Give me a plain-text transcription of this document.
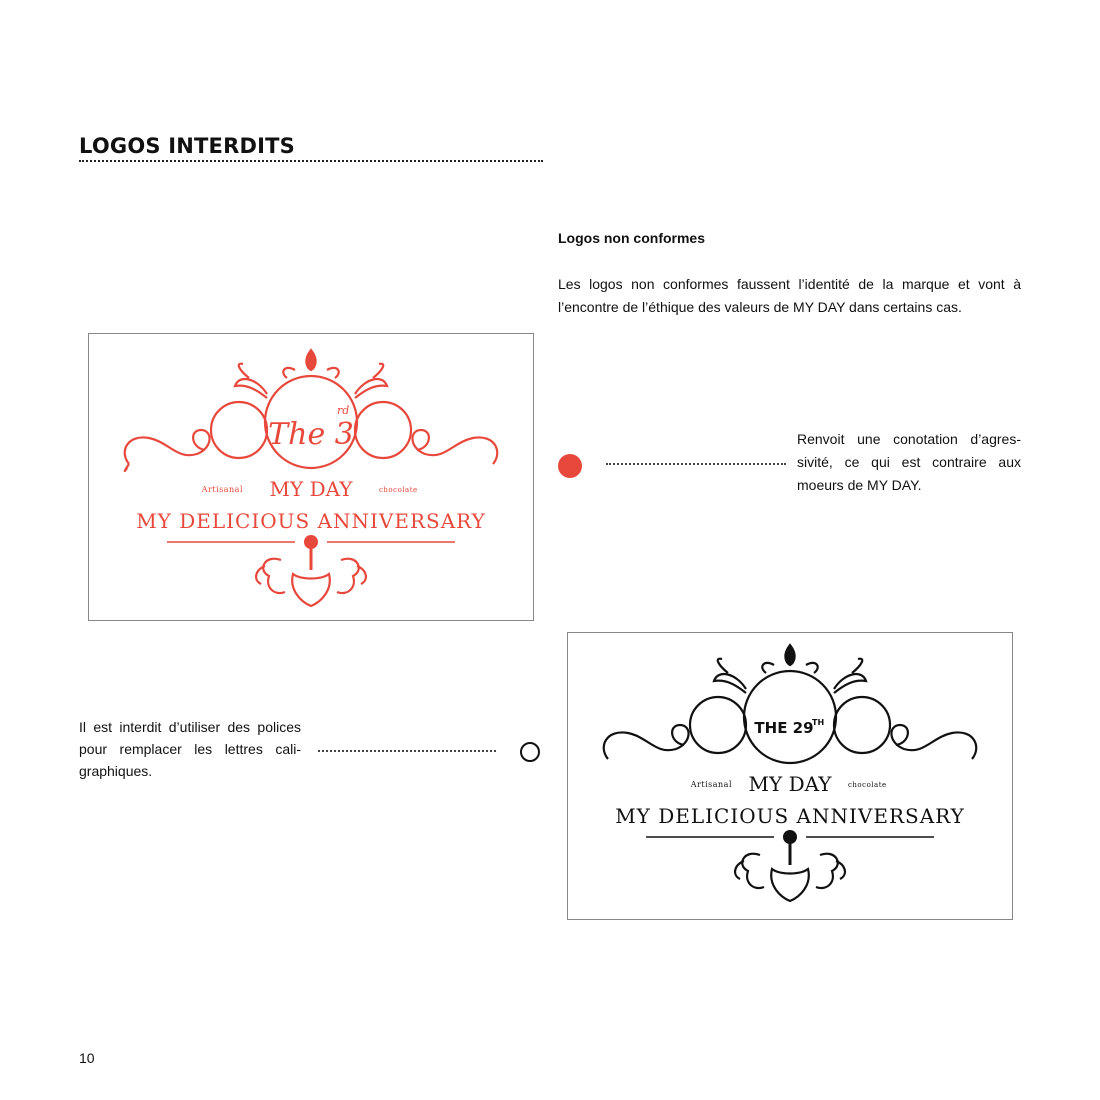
LOGOS INTERDITS
Logos non conformes
Les logos non conformes faussent l’identité de la marque et vont à l’encontre de l’éthique des valeurs de MY DAY dans certains cas.
The 3
rd
Artisanal MY DAY	chocolate
MY DELICIOUS ANNIVERSARY
Renvoit une conotation d’agres- sivité, ce qui est contraire aux moeurs de MY DAY.
Il est interdit d’utiliser des polices pour remplacer les lettres cali- graphiques.
THE 29
TH
Artisanal MY DAY chocolate
MY DELICIOUS ANNIVERSARY
10
